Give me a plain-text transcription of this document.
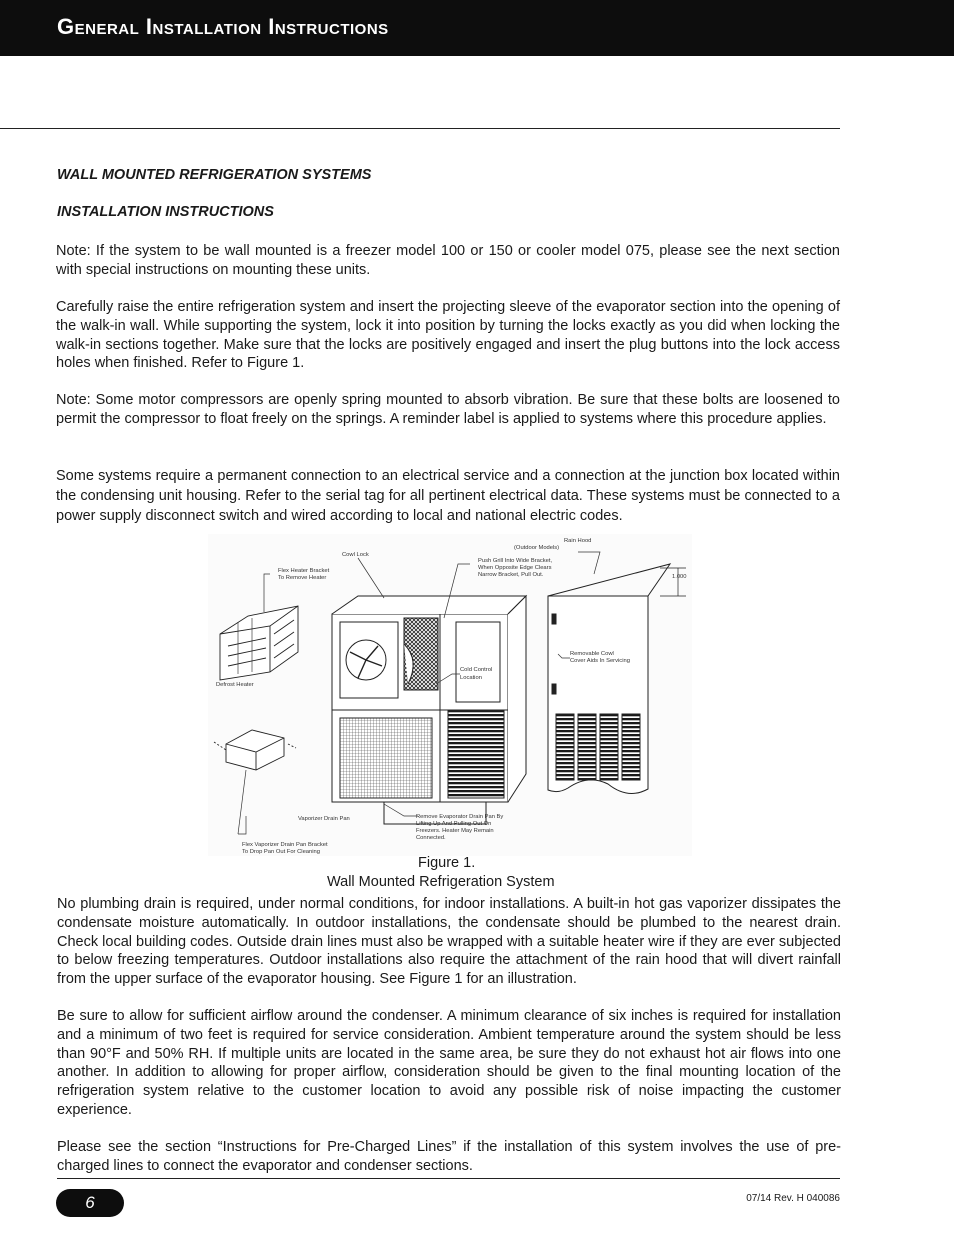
General Installation Instructions
WALL MOUNTED REFRIGERATION SYSTEMS
INSTALLATION INSTRUCTIONS

Note: If the system to be wall mounted is a freezer model 100 or 150 or cooler model 075, please see the next section with special instructions on mounting these units.

Carefully raise the entire refrigeration system and insert the projecting sleeve of the evaporator section into the opening of the walk-in wall. While supporting the system, lock it into position by turning the locks exactly as you did when locking the walk-in sections together. Make sure that the locks are positively engaged and insert the plug buttons into the lock access holes when finished. Refer to Figure 1.

Note: Some motor compressors are openly spring mounted to absorb vibration. Be sure that these bolts are loosened to permit the compressor to float freely on the springs. A reminder label is applied to systems where this procedure applies.

Some systems require a permanent connection to an electrical service and a connection at the junction box located within the condensing unit housing. Refer to the serial tag for all pertinent electrical data. These systems must be connected to a power supply disconnect switch and wired according to local and national electric codes.

Cowl Lock
Rain Hood
(Outdoor Models)
Flex Heater Bracket
To Remove Heater
Push Grill Into Wide Bracket,
When Opposite Edge Clears
Narrow Bracket, Pull Out.	1.000
Removable Cowl
Cover Aids In Servicing
Cold Control
Location
Defrost Heater
Vaporizer Drain Pan	Remove Evaporator Drain Pan By
Lifting Up And Pulling Out On
Freezers. Heater May Remain
Connected.
Flex Vaporizer Drain Pan Bracket
To Drop Pan Out For Cleaning
Figure 1.
Wall Mounted Refrigeration System

No plumbing drain is required, under normal conditions, for indoor installations. A built-in hot gas vaporizer dissipates the condensate moisture automatically. In outdoor installations, the condensate should be plumbed to the nearest drain. Check local building codes. Outside drain lines must also be wrapped with a suitable heater wire if they are ever subjected to below freezing temperatures. Outdoor installations also require the attachment of the rain hood that will divert rainfall from the upper surface of the evaporator housing. See Figure 1 for an illustration.

Be sure to allow for sufficient airflow around the condenser. A minimum clearance of six inches is required for installation and a minimum of two feet is required for service consideration. Ambient temperature around the system should be less than 90°F and 50% RH. If multiple units are located in the same area, be sure they do not exhaust hot air flows into one another. In addition to allowing for proper airflow, consideration should be given to the final mounting location of the refrigeration system relative to the customer location to avoid any possible risk of noise impacting the customer experience.

Please see the section “Instructions for Pre-Charged Lines” if the installation of this system involves the use of pre-charged lines to connect the evaporator and condenser sections.

6	07/14 Rev. H 040086
